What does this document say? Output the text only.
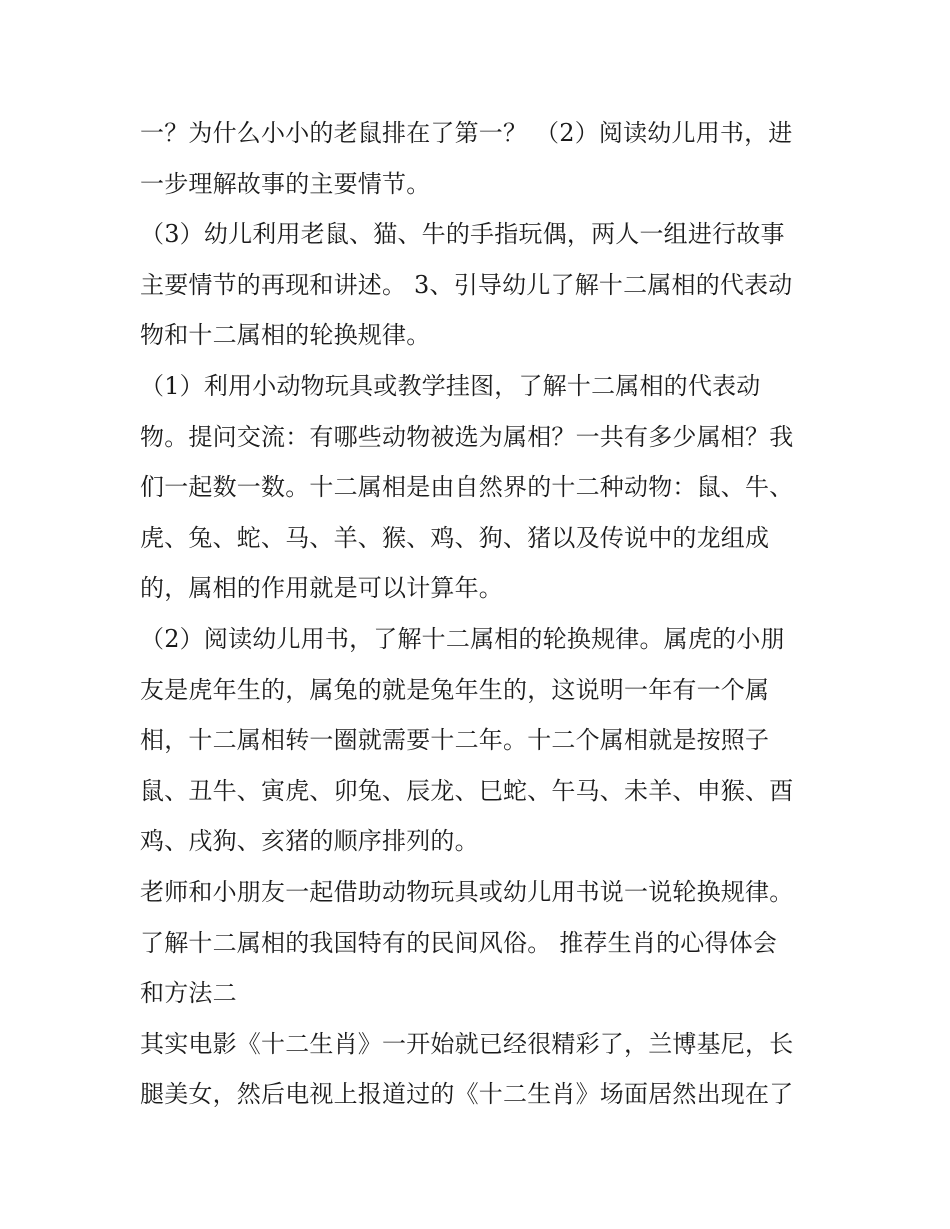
一？为什么小小的老鼠排在了第一？ （2）阅读幼儿用书，进
一步理解故事的主要情节。
（3）幼儿利用老鼠、猫、牛的手指玩偶，两人一组进行故事
主要情节的再现和讲述。 3、引导幼儿了解十二属相的代表动
物和十二属相的轮换规律。
（1）利用小动物玩具或教学挂图，了解十二属相的代表动
物。提问交流：有哪些动物被选为属相？一共有多少属相？我
们一起数一数。十二属相是由自然界的十二种动物：鼠、牛、
虎、兔、蛇、马、羊、猴、鸡、狗、猪以及传说中的龙组成
的，属相的作用就是可以计算年。
（2）阅读幼儿用书，了解十二属相的轮换规律。属虎的小朋
友是虎年生的，属兔的就是兔年生的，这说明一年有一个属
相，十二属相转一圈就需要十二年。十二个属相就是按照子
鼠、丑牛、寅虎、卯兔、辰龙、巳蛇、午马、未羊、申猴、酉
鸡、戌狗、亥猪的顺序排列的。
老师和小朋友一起借助动物玩具或幼儿用书说一说轮换规律。
了解十二属相的我国特有的民间风俗。 推荐生肖的心得体会
和方法二
其实电影《十二生肖》一开始就已经很精彩了，兰博基尼，长
腿美女，然后电视上报道过的《十二生肖》场面居然出现在了
